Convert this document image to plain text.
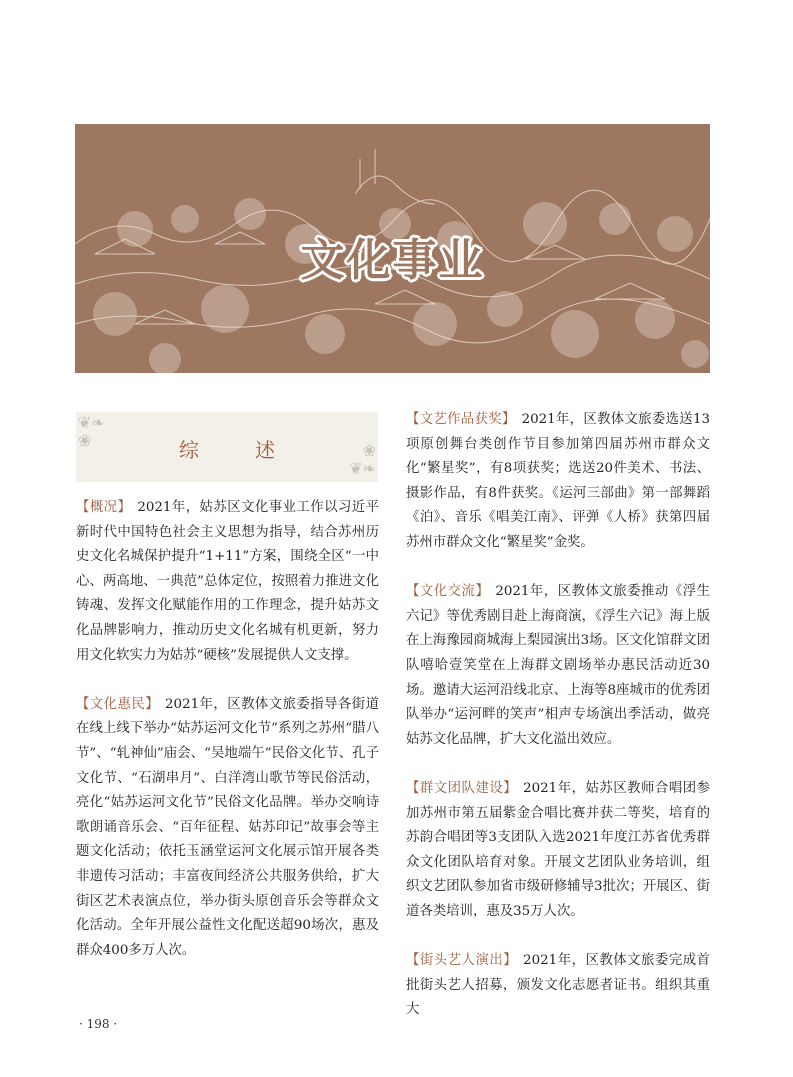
文化事业
❦❧
❀
❦❧
❀
综　述

【概况】 2021年，姑苏区文化事业工作以习近平新时代中国特色社会主义思想为指导，结合苏州历史文化名城保护提升“1+11”方案，围绕全区“一中心、两高地、一典范”总体定位，按照着力推进文化铸魂、发挥文化赋能作用的工作理念，提升姑苏文化品牌影响力，推动历史文化名城有机更新，努力用文化软实力为姑苏“硬核”发展提供人文支撑。

【文化惠民】 2021年，区教体文旅委指导各街道在线上线下举办“姑苏运河文化节”系列之苏州“腊八节”、“轧神仙”庙会、“吴地端午”民俗文化节、孔子文化节、“石湖串月”、白洋湾山歌节等民俗活动，亮化“姑苏运河文化节”民俗文化品牌。举办交响诗歌朗诵音乐会、“百年征程、姑苏印记”故事会等主题文化活动；依托玉涵堂运河文化展示馆开展各类非遗传习活动；丰富夜间经济公共服务供给，扩大街区艺术表演点位，举办街头原创音乐会等群众文化活动。全年开展公益性文化配送超90场次，惠及群众400多万人次。

【文艺作品获奖】 2021年，区教体文旅委选送13项原创舞台类创作节目参加第四届苏州市群众文化“繁星奖”，有8项获奖；选送20件美术、书法、摄影作品，有8件获奖。《运河三部曲》第一部舞蹈《泊》、音乐《唱美江南》、评弹《人桥》获第四届苏州市群众文化“繁星奖”金奖。

【文化交流】 2021年，区教体文旅委推动《浮生六记》等优秀剧目赴上海商演，《浮生六记》海上版在上海豫园商城海上梨园演出3场。区文化馆群文团队嘻哈壹笑堂在上海群文剧场举办惠民活动近30场。邀请大运河沿线北京、上海等8座城市的优秀团队举办“运河畔的笑声”相声专场演出季活动，做亮姑苏文化品牌，扩大文化溢出效应。

【群文团队建设】 2021年，姑苏区教师合唱团参加苏州市第五届紫金合唱比赛并获二等奖，培育的苏韵合唱团等3支团队入选2021年度江苏省优秀群众文化团队培育对象。开展文艺团队业务培训，组织文艺团队参加省市级研修辅导3批次；开展区、街道各类培训，惠及35万人次。

【街头艺人演出】 2021年，区教体文旅委完成首批街头艺人招募，颁发文化志愿者证书。组织其重大

· 198 ·
